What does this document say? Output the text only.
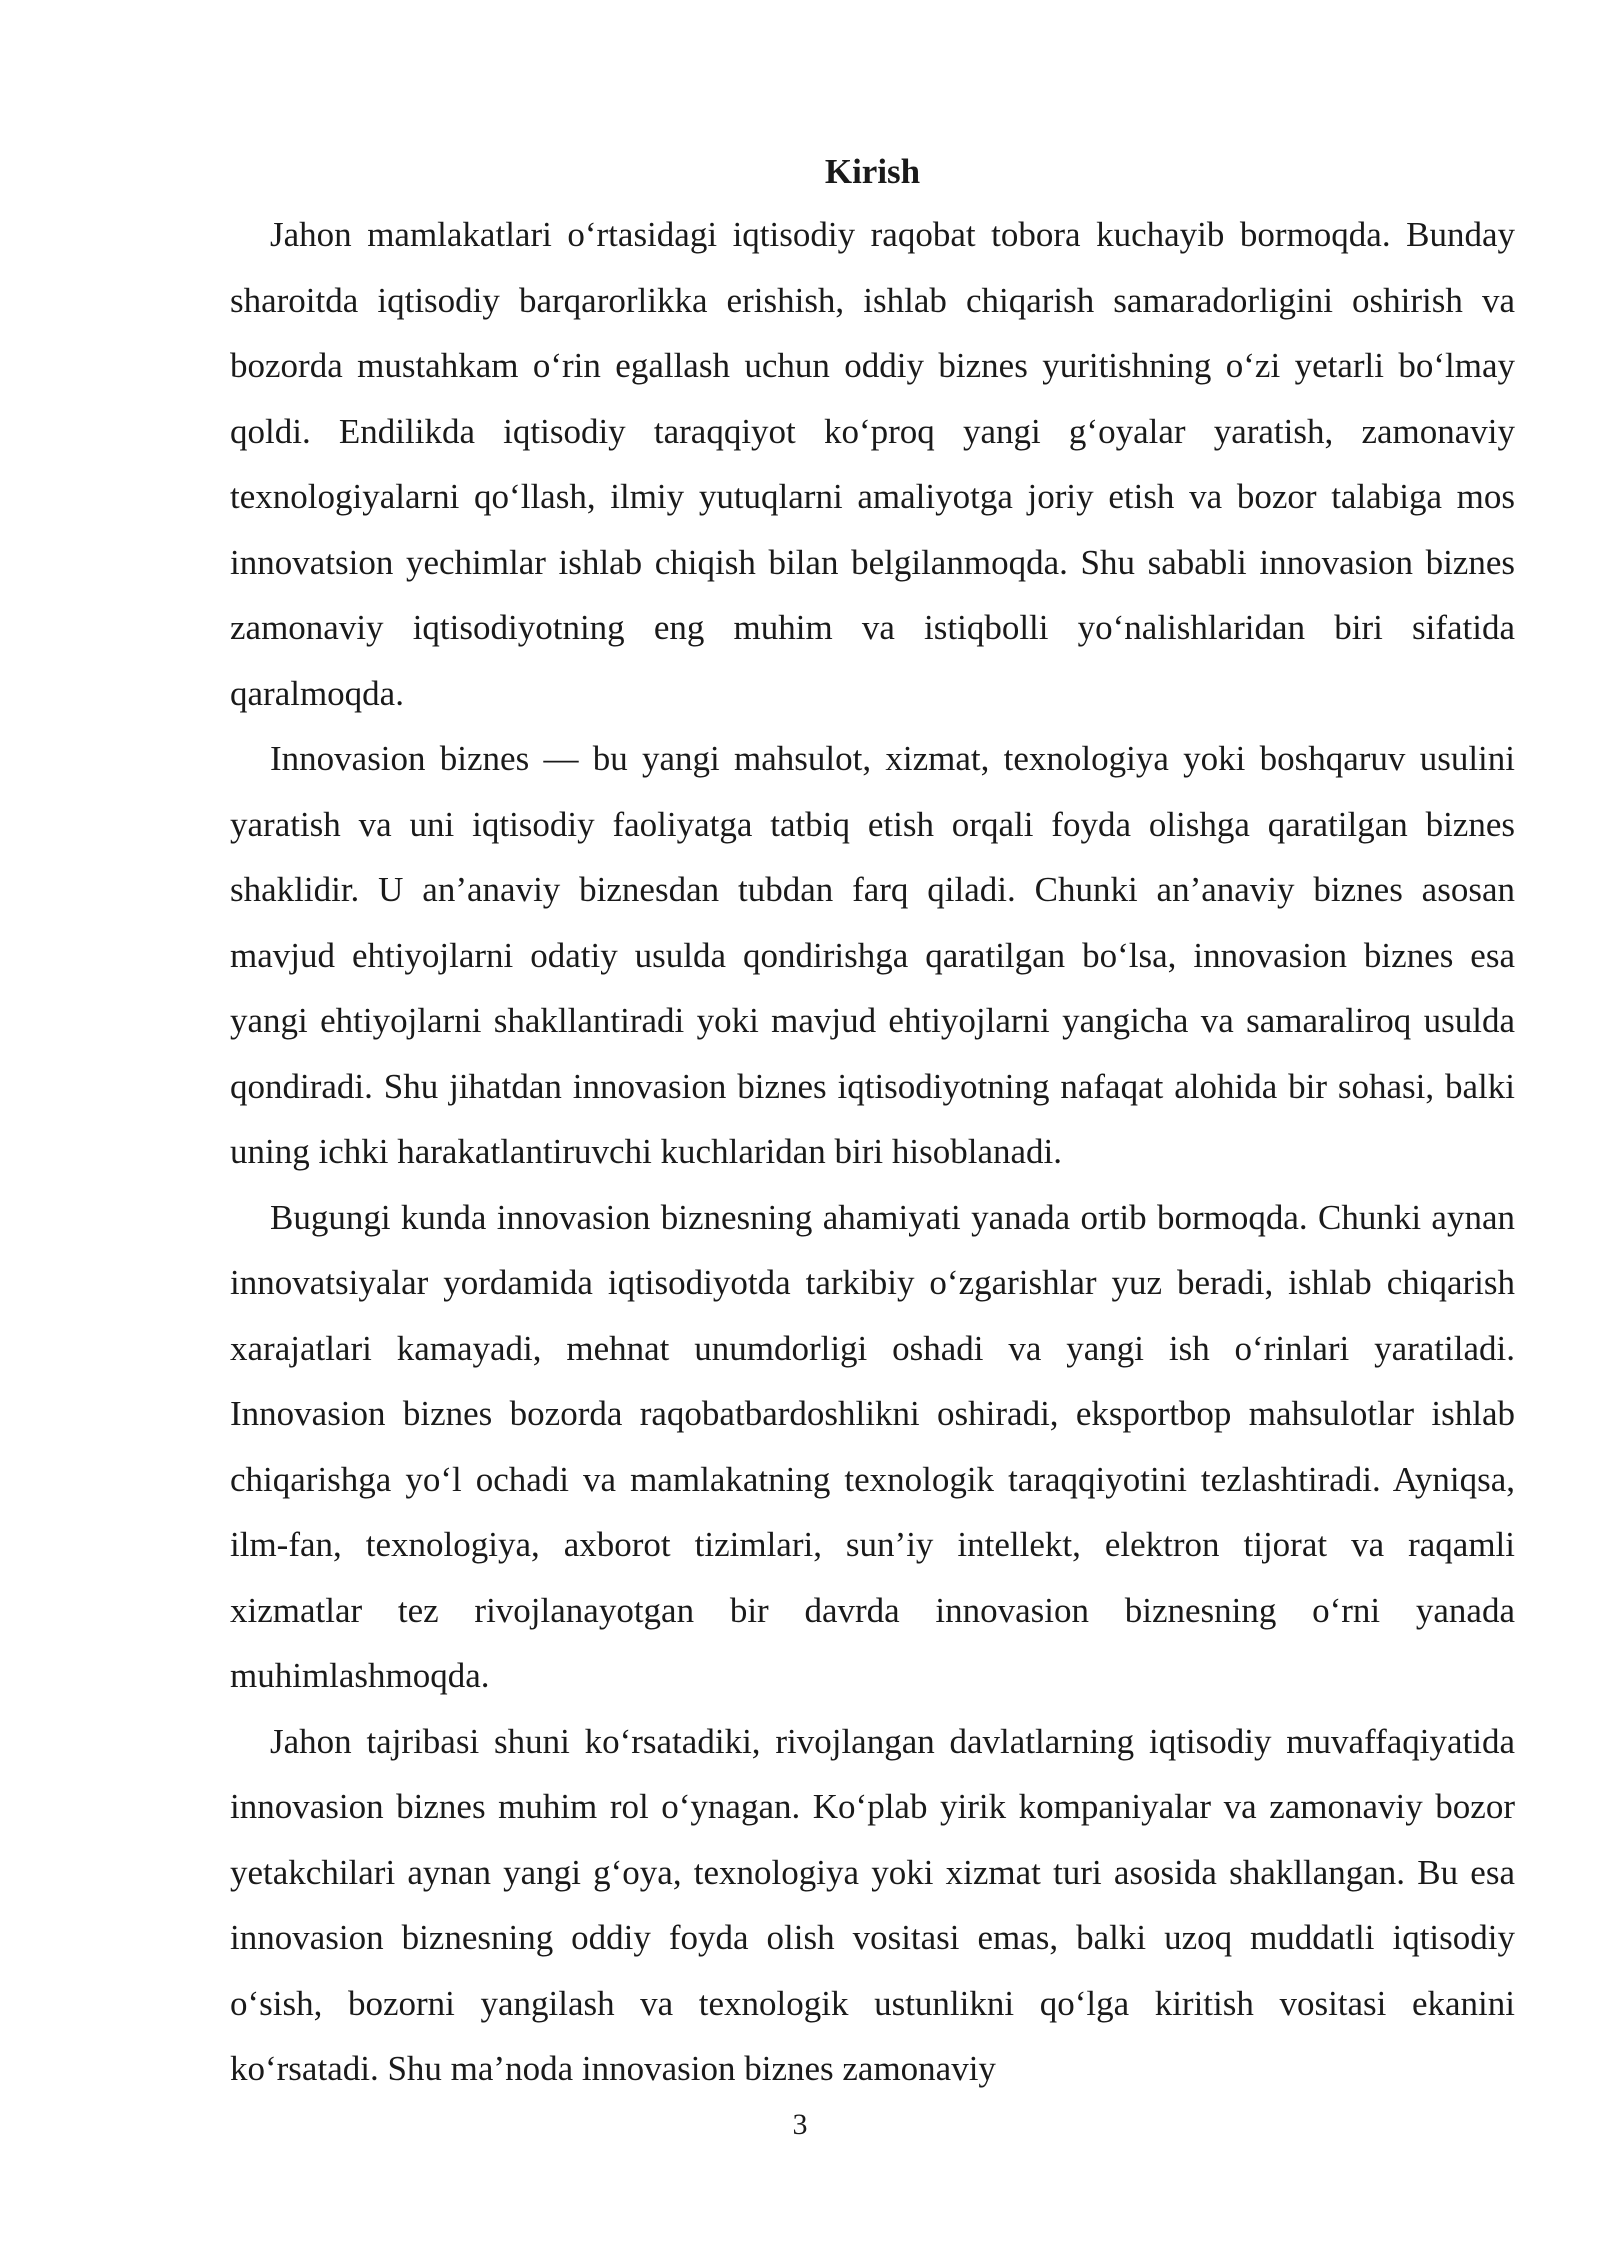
Kirish

Jahon mamlakatlari o‘rtasidagi iqtisodiy raqobat tobora kuchayib bormoqda. Bunday sharoitda iqtisodiy barqarorlikka erishish, ishlab chiqarish samaradorligini oshirish va bozorda mustahkam o‘rin egallash uchun oddiy biznes yuritishning o‘zi yetarli bo‘lmay qoldi. Endilikda iqtisodiy taraqqiyot ko‘proq yangi g‘oyalar yaratish, zamonaviy texnologiyalarni qo‘llash, ilmiy yutuqlarni amaliyotga joriy etish va bozor talabiga mos innovatsion yechimlar ishlab chiqish bilan belgilanmoqda. Shu sababli innovasion biznes zamonaviy iqtisodiyotning eng muhim va istiqbolli yo‘nalishlaridan biri sifatida qaralmoqda.

Innovasion biznes — bu yangi mahsulot, xizmat, texnologiya yoki boshqaruv usulini yaratish va uni iqtisodiy faoliyatga tatbiq etish orqali foyda olishga qaratilgan biznes shaklidir. U an’anaviy biznesdan tubdan farq qiladi. Chunki an’anaviy biznes asosan mavjud ehtiyojlarni odatiy usulda qondirishga qaratilgan bo‘lsa, innovasion biznes esa yangi ehtiyojlarni shakllantiradi yoki mavjud ehtiyojlarni yangicha va samaraliroq usulda qondiradi. Shu jihatdan innovasion biznes iqtisodiyotning nafaqat alohida bir sohasi, balki uning ichki harakatlantiruvchi kuchlaridan biri hisoblanadi.

Bugungi kunda innovasion biznesning ahamiyati yanada ortib bormoqda. Chunki aynan innovatsiyalar yordamida iqtisodiyotda tarkibiy o‘zgarishlar yuz beradi, ishlab chiqarish xarajatlari kamayadi, mehnat unumdorligi oshadi va yangi ish o‘rinlari yaratiladi. Innovasion biznes bozorda raqobatbardoshlikni oshiradi, eksportbop mahsulotlar ishlab chiqarishga yo‘l ochadi va mamlakatning texnologik taraqqiyotini tezlashtiradi. Ayniqsa, ilm-fan, texnologiya, axborot tizimlari, sun’iy intellekt, elektron tijorat va raqamli xizmatlar tez rivojlanayotgan bir davrda innovasion biznesning o‘rni yanada muhimlashmoqda.

Jahon tajribasi shuni ko‘rsatadiki, rivojlangan davlatlarning iqtisodiy muvaffaqiyatida innovasion biznes muhim rol o‘ynagan. Ko‘plab yirik kompaniyalar va zamonaviy bozor yetakchilari aynan yangi g‘oya, texnologiya yoki xizmat turi asosida shakllangan. Bu esa innovasion biznesning oddiy foyda olish vositasi emas, balki uzoq muddatli iqtisodiy o‘sish, bozorni yangilash va texnologik ustunlikni qo‘lga kiritish vositasi ekanini ko‘rsatadi. Shu ma’noda innovasion biznes zamonaviy

3
